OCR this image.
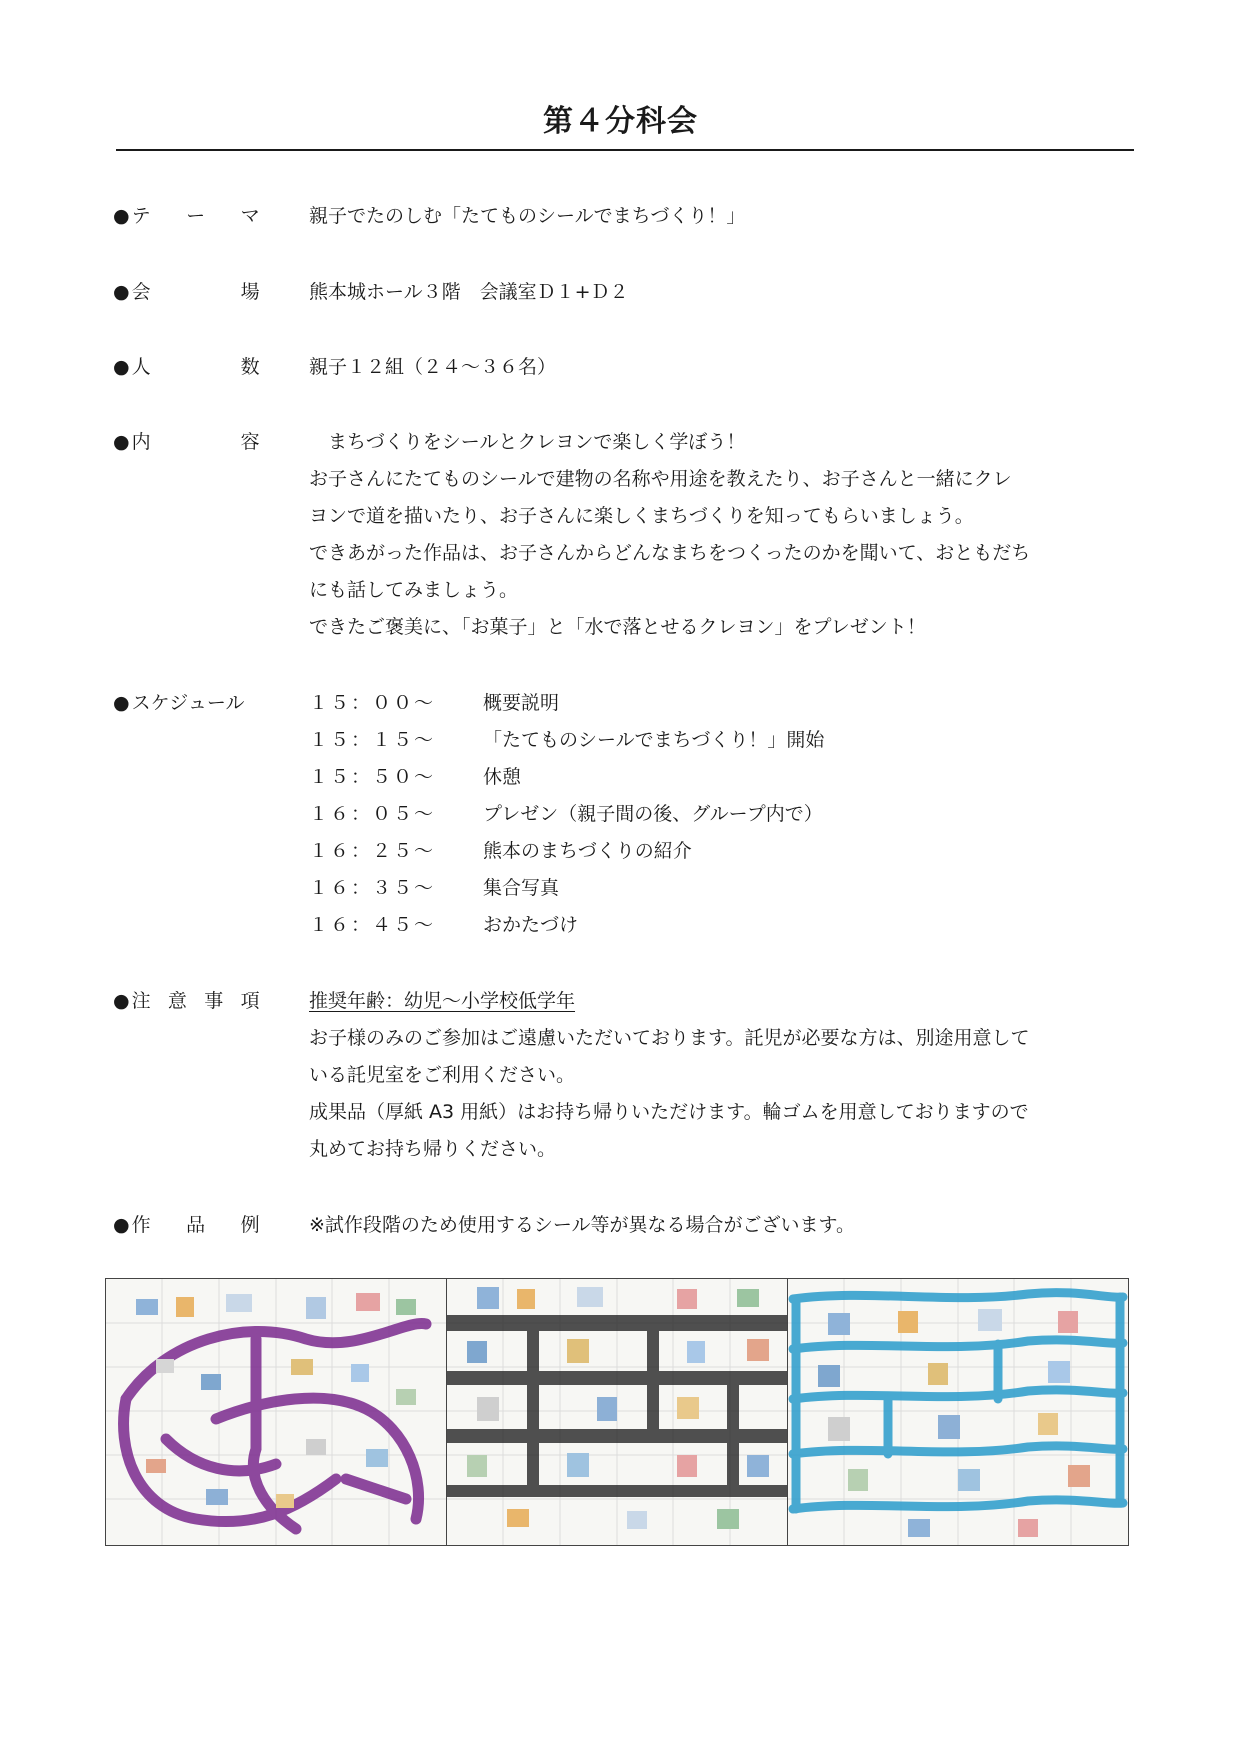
第４分科会
● テ ー マ	親子でたのしむ「たてものシールでまちづくり！」

● 会	場	熊本城ホール３階　会議室Ｄ１+Ｄ２

● 人	数	親子１２組（２４～３６名）

● 内	容	まちづくりをシールとクレヨンで楽しく学ぼう！

お子さんにたてものシールで建物の名称や用途を教えたり、お子さんと一緒にクレ

ヨンで道を描いたり、お子さんに楽しくまちづくりを知ってもらいましょう。

できあがった作品は、お子さんからどんなまちをつくったのかを聞いて、おともだち

にも話してみましょう。

できたご褒美に、「お菓子」と「水で落とせるクレヨン」をプレゼント！

● スケジュール	１５：００～	概要説明
１５：１５～	「たてものシールでまちづくり！」開始
１５：５０～	休憩
１６：０５～	プレゼン（親子間の後、グループ内で）
１６：２５～	熊本のまちづくりの紹介
１６：３５～	集合写真
１６：４５～	おかたづけ
● 注 意 事 項	推奨年齢：幼児～小学校低学年

お子様のみのご参加はご遠慮いただいております。託児が必要な方は、別途用意して

いる託児室をご利用ください。

成果品（厚紙 A3 用紙）はお持ち帰りいただけます。輪ゴムを用意しておりますので

丸めてお持ち帰りください。

● 作 品 例	※試作段階のため使用するシール等が異なる場合がございます。
